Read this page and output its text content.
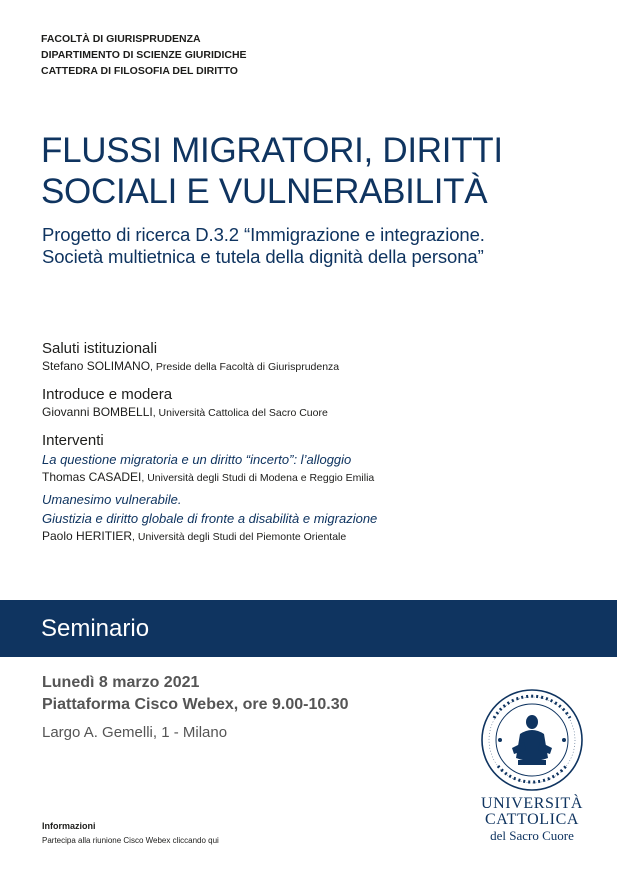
FACOLTÀ DI GIURISPRUDENZA
DIPARTIMENTO DI SCIENZE GIURIDICHE
CATTEDRA DI FILOSOFIA DEL DIRITTO
FLUSSI MIGRATORI, DIRITTI
SOCIALI E VULNERABILITÀ
Progetto di ricerca D.3.2 “Immigrazione e integrazione.
Società multietnica e tutela della dignità della persona”
Saluti istituzionali
Stefano SOLIMANO, Preside della Facoltà di Giurisprudenza
Introduce e modera
Giovanni BOMBELLI, Università Cattolica del Sacro Cuore
Interventi
La questione migratoria e un diritto “incerto”: l’alloggio
Thomas CASADEI, Università degli Studi di Modena e Reggio Emilia
Umanesimo vulnerabile.
Giustizia e diritto globale di fronte a disabilità e migrazione
Paolo HERITIER, Università degli Studi del Piemonte Orientale
Seminario
Lunedì 8 marzo 2021
Piattaforma Cisco Webex, ore 9.00-10.30
Largo A. Gemelli, 1 - Milano
Informazioni
Partecipa alla riunione Cisco Webex cliccando qui
UNIVERSITÀ
CATTOLICA
del Sacro Cuore
